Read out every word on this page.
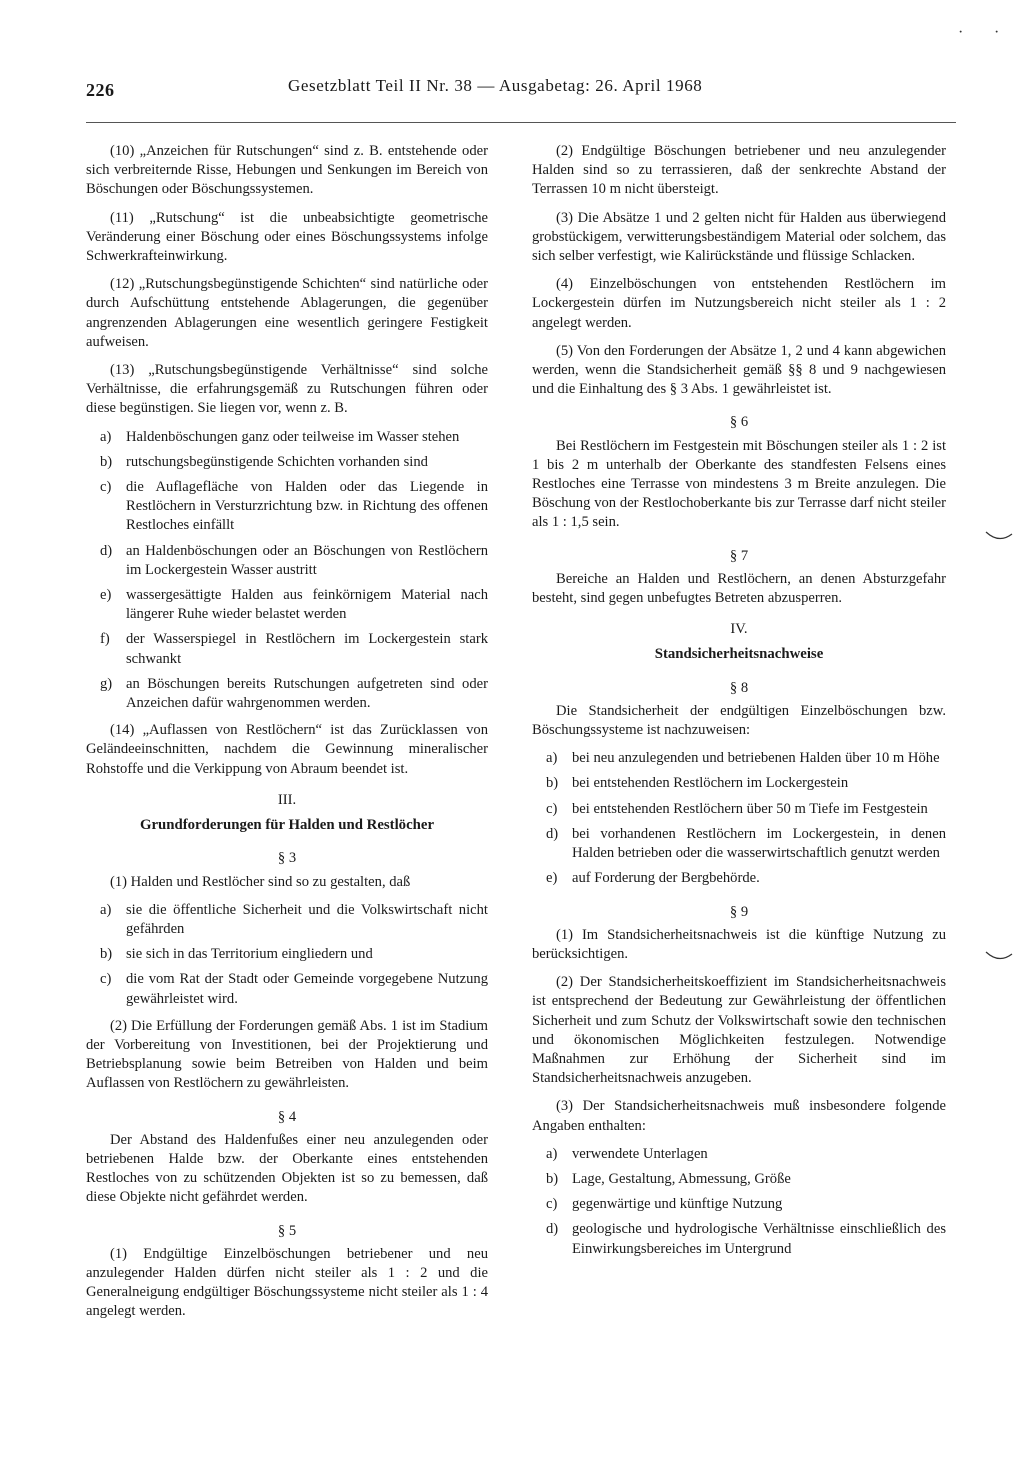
226	Gesetzblatt Teil II Nr. 38 — Ausgabetag: 26. April 1968

(10) „Anzeichen für Rutschungen“ sind z. B. entstehende oder sich verbreiternde Risse, Hebungen und Senkungen im Bereich von Böschungen oder Böschungssystemen.

(11) „Rutschung“ ist die unbeabsichtigte geometrische Veränderung einer Böschung oder eines Böschungssystems infolge Schwerkrafteinwirkung.

(12) „Rutschungsbegünstigende Schichten“ sind natürliche oder durch Aufschüttung entstehende Ablagerungen, die gegenüber angrenzenden Ablagerungen eine wesentlich geringere Festigkeit aufweisen.

(13) „Rutschungsbegünstigende Verhältnisse“ sind solche Verhältnisse, die erfahrungsgemäß zu Rutschungen führen oder diese begünstigen. Sie liegen vor, wenn z. B.

a)	Haldenböschungen ganz oder teilweise im Wasser stehen
b) rutschungsbegünstigende Schichten vorhanden sind
c)	die Auflagefläche von Halden oder das Liegende in Restlöchern in Versturzrichtung bzw. in Richtung des offenen Restloches einfällt
d) an Haldenböschungen oder an Böschungen von Restlöchern im Lockergestein Wasser austritt
e)	wassergesättigte Halden aus feinkörnigem Material nach längerer Ruhe wieder belastet werden
f)	der Wasserspiegel in Restlöchern im Lockergestein stark schwankt
g) an Böschungen bereits Rutschungen aufgetreten sind oder Anzeichen dafür wahrgenommen werden.

(14) „Auflassen von Restlöchern“ ist das Zurücklassen von Geländeeinschnitten, nachdem die Gewinnung mineralischer Rohstoffe und die Verkippung von Abraum beendet ist.

III.
Grundforderungen für Halden und Restlöcher
§ 3

(1) Halden und Restlöcher sind so zu gestalten, daß

a)	sie die öffentliche Sicherheit und die Volkswirtschaft nicht gefährden
b) sie sich in das Territorium eingliedern und
c)	die vom Rat der Stadt oder Gemeinde vorgegebene Nutzung gewährleistet wird.

(2) Die Erfüllung der Forderungen gemäß Abs. 1 ist im Stadium der Vorbereitung von Investitionen, bei der Projektierung und Betriebsplanung sowie beim Betreiben von Halden und beim Auflassen von Restlöchern zu gewährleisten.

§ 4

Der Abstand des Haldenfußes einer neu anzulegenden oder betriebenen Halde bzw. der Oberkante eines entstehenden Restloches von zu schützenden Objekten ist so zu bemessen, daß diese Objekte nicht gefährdet werden.

§ 5

(1) Endgültige Einzelböschungen betriebener und neu anzulegender Halden dürfen nicht steiler als 1 : 2 und die Generalneigung endgültiger Böschungssysteme nicht steiler als 1 : 4 angelegt werden.

(2) Endgültige Böschungen betriebener und neu anzulegender Halden sind so zu terrassieren, daß der senkrechte Abstand der Terrassen 10 m nicht übersteigt.

(3) Die Absätze 1 und 2 gelten nicht für Halden aus überwiegend grobstückigem, verwitterungsbeständigem Material oder solchem, das sich selber verfestigt, wie Kalirückstände und flüssige Schlacken.

(4) Einzelböschungen von entstehenden Restlöchern im Lockergestein dürfen im Nutzungsbereich nicht steiler als 1 : 2 angelegt werden.

(5) Von den Forderungen der Absätze 1, 2 und 4 kann abgewichen werden, wenn die Standsicherheit gemäß §§ 8 und 9 nachgewiesen und die Einhaltung des § 3 Abs. 1 gewährleistet ist.

§ 6

Bei Restlöchern im Festgestein mit Böschungen steiler als 1 : 2 ist 1 bis 2 m unterhalb der Oberkante des standfesten Felsens eines Restloches eine Terrasse von mindestens 3 m Breite anzulegen. Die Böschung von der Restlochoberkante bis zur Terrasse darf nicht steiler als 1 : 1,5 sein.

§ 7

Bereiche an Halden und Restlöchern, an denen Absturzgefahr besteht, sind gegen unbefugtes Betreten abzusperren.

IV.
Standsicherheitsnachweise
§ 8

Die Standsicherheit der endgültigen Einzelböschungen bzw. Böschungssysteme ist nachzuweisen:

a)	bei neu anzulegenden und betriebenen Halden über 10 m Höhe
b) bei entstehenden Restlöchern im Lockergestein
c)	bei entstehenden Restlöchern über 50 m Tiefe im Festgestein
d) bei vorhandenen Restlöchern im Lockergestein, in denen Halden betrieben oder die wasserwirtschaftlich genutzt werden
e)	auf Forderung der Bergbehörde.
§ 9

(1) Im Standsicherheitsnachweis ist die künftige Nutzung zu berücksichtigen.

(2) Der Standsicherheitskoeffizient im Standsicherheitsnachweis ist entsprechend der Bedeutung zur Gewährleistung der öffentlichen Sicherheit und zum Schutz der Volkswirtschaft sowie den technischen und ökonomischen Möglichkeiten festzulegen. Notwendige Maßnahmen zur Erhöhung der Sicherheit sind im Standsicherheitsnachweis anzugeben.

(3) Der Standsicherheitsnachweis muß insbesondere folgende Angaben enthalten:

a)	verwendete Unterlagen
b) Lage, Gestaltung, Abmessung, Größe
c)	gegenwärtige und künftige Nutzung
d) geologische und hydrologische Verhältnisse einschließlich des Einwirkungsbereiches im Untergrund
· ·
